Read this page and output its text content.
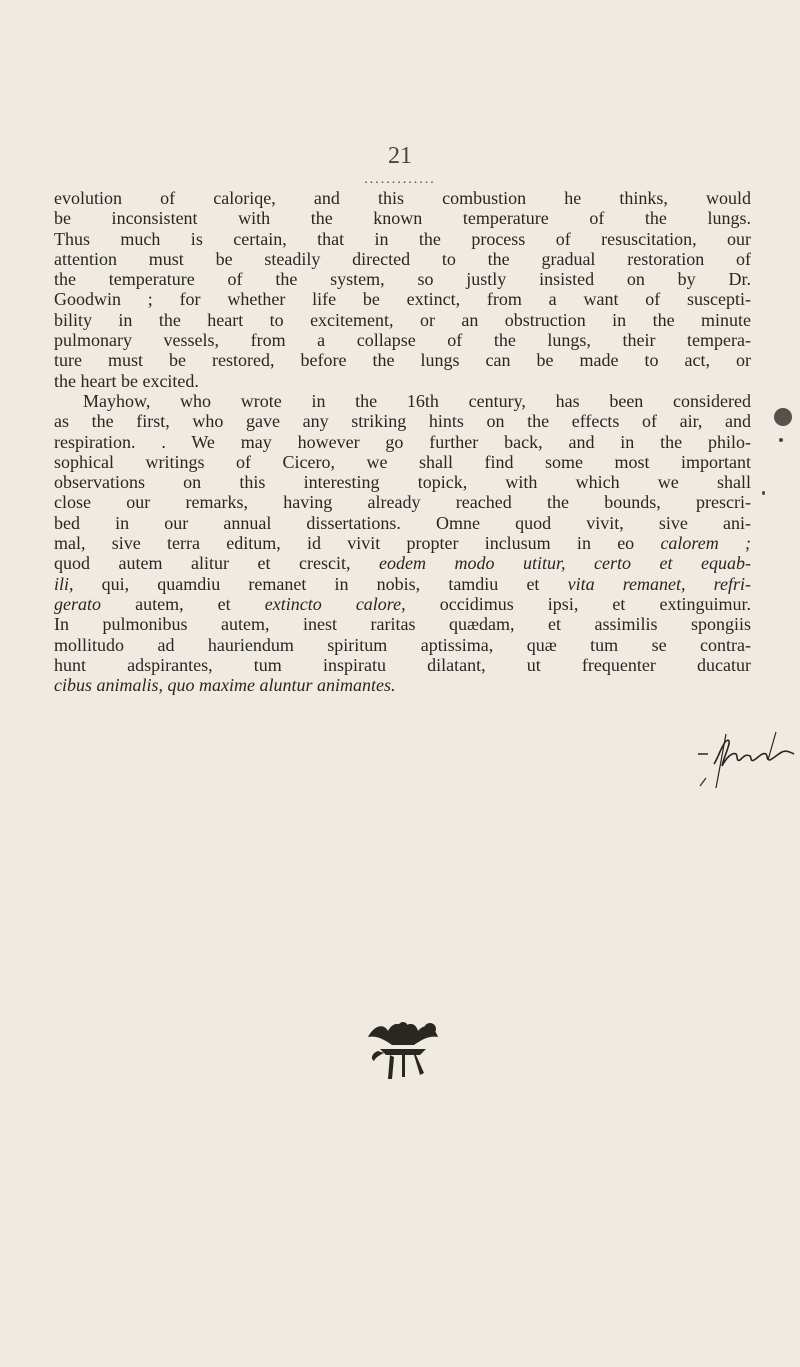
21
.............
evolution of caloriqe, and this combustion he thinks, would
be inconsistent with the known temperature of the lungs.
Thus much is certain, that in the process of resuscitation, our
attention must be steadily directed to the gradual restoration of
the temperature of the system, so justly insisted on by Dr.
Goodwin ; for whether life be extinct, from a want of suscepti-
bility in the heart to excitement, or an obstruction in the minute
pulmonary vessels, from a collapse of the lungs, their tempera-
ture must be restored, before the lungs can be made to act, or
the heart be excited.
Mayhow, who wrote in the 16th century, has been considered
as the first, who gave any striking hints on the effects of air, and
respiration. . We may however go further back, and in the philo-
sophical writings of Cicero, we shall find some most important
observations on this interesting topick, with which we shall
close our remarks, having already reached the bounds, prescri-
bed in our annual dissertations. Omne quod vivit, sive ani-
mal, sive terra editum, id vivit propter inclusum in eo calorem ;
quod autem alitur et crescit, eodem modo utitur, certo et equab-
ili, qui, quamdiu remanet in nobis, tamdiu et vita remanet, refri-
gerato autem, et extincto calore, occidimus ipsi, et extinguimur.
In pulmonibus autem, inest raritas quædam, et assimilis spongiis
mollitudo ad hauriendum spiritum aptissima, quæ tum se contra-
hunt adspirantes, tum inspiratu dilatant, ut frequenter ducatur
cibus animalis, quo maxime aluntur animantes.
